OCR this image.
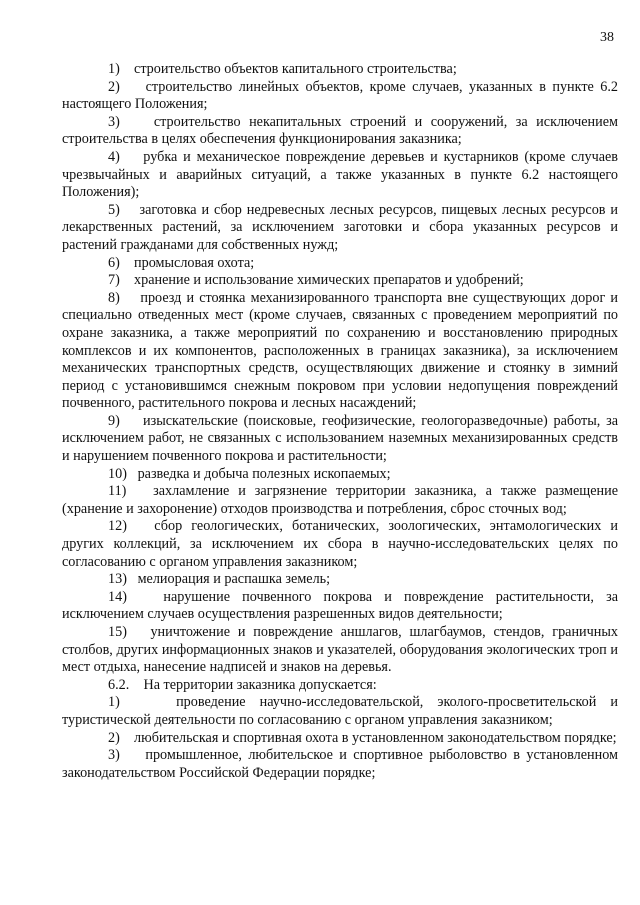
38

1) строительство объектов капитального строительства;

2) строительство линейных объектов, кроме случаев, указанных в пункте 6.2 настоящего Положения;

3) строительство некапитальных строений и сооружений, за исключением строительства в целях обеспечения функционирования заказника;

4) рубка и механическое повреждение деревьев и кустарников (кроме случаев чрезвычайных и аварийных ситуаций, а также указанных в пункте 6.2 настоящего Положения);

5) заготовка и сбор недревесных лесных ресурсов, пищевых лесных ресурсов и лекарственных растений, за исключением заготовки и сбора указанных ресурсов и растений гражданами для собственных нужд;

6) промысловая охота;

7) хранение и использование химических препаратов и удобрений;

8) проезд и стоянка механизированного транспорта вне существующих дорог и специально отведенных мест (кроме случаев, связанных с проведением мероприятий по охране заказника, а также мероприятий по сохранению и восстановлению природных комплексов и их компонентов, расположенных в границах заказника), за исключением механических транспортных средств, осуществляющих движение и стоянку в зимний период с установившимся снежным покровом при условии недопущения повреждений почвенного, растительного покрова и лесных насаждений;

9) изыскательские (поисковые, геофизические, геологоразведочные) работы, за исключением работ, не связанных с использованием наземных механизированных средств и нарушением почвенного покрова и растительности;

10) разведка и добыча полезных ископаемых;

11) захламление и загрязнение территории заказника, а также размещение (хранение и захоронение) отходов производства и потребления, сброс сточных вод;

12) сбор геологических, ботанических, зоологических, энтамологических и других коллекций, за исключением их сбора в научно-исследовательских целях по согласованию с органом управления заказником;

13) мелиорация и распашка земель;

14)	нарушение почвенного покрова и повреждение растительности, за исключением случаев осуществления разрешенных видов деятельности;

15) уничтожение и повреждение аншлагов, шлагбаумов, стендов, граничных столбов, других информационных знаков и указателей, оборудования экологических троп и мест отдыха, нанесение надписей и знаков на деревья.

6.2. На территории заказника допускается:

1)	проведение научно-исследовательской, эколого-просветительской и туристической деятельности по согласованию с органом управления заказником;

2) любительская и спортивная охота в установленном законодательством порядке;

3) промышленное, любительское и спортивное рыболовство в установленном законодательством Российской Федерации порядке;
